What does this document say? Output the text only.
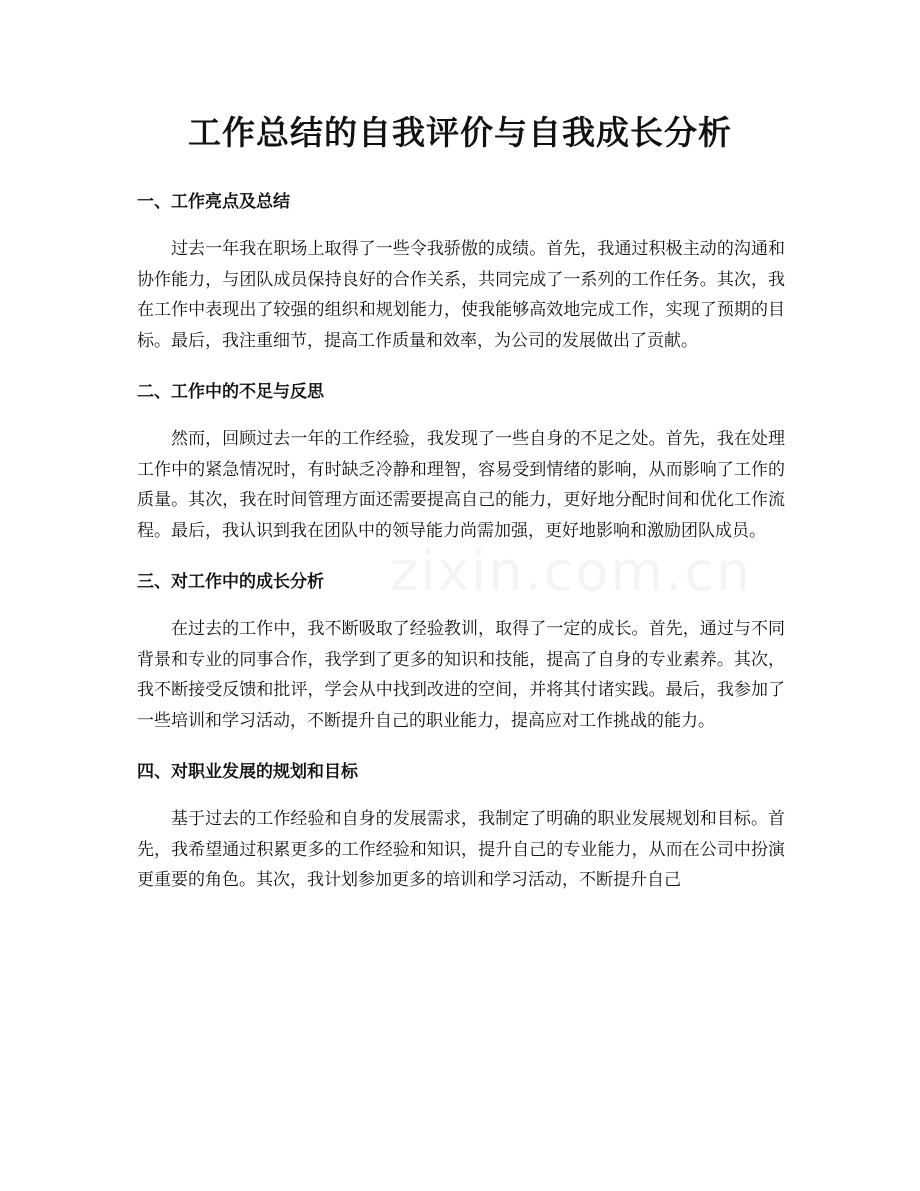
工作总结的自我评价与自我成长分析
一、工作亮点及总结

过去一年我在职场上取得了一些令我骄傲的成绩。首先，我通过积极主动的沟通和协作能力，与团队成员保持良好的合作关系，共同完成了一系列的工作任务。其次，我在工作中表现出了较强的组织和规划能力，使我能够高效地完成工作，实现了预期的目标。最后，我注重细节，提高工作质量和效率，为公司的发展做出了贡献。

二、工作中的不足与反思

然而，回顾过去一年的工作经验，我发现了一些自身的不足之处。首先，我在处理工作中的紧急情况时，有时缺乏冷静和理智，容易受到情绪的影响，从而影响了工作的质量。其次，我在时间管理方面还需要提高自己的能力，更好地分配时间和优化工作流程。最后，我认识到我在团队中的领导能力尚需加强，更好地影响和激励团队成员。

三、对工作中的成长分析

在过去的工作中，我不断吸取了经验教训，取得了一定的成长。首先，通过与不同背景和专业的同事合作，我学到了更多的知识和技能，提高了自身的专业素养。其次，我不断接受反馈和批评，学会从中找到改进的空间，并将其付诸实践。最后，我参加了一些培训和学习活动，不断提升自己的职业能力，提高应对工作挑战的能力。

四、对职业发展的规划和目标

基于过去的工作经验和自身的发展需求，我制定了明确的职业发展规划和目标。首先，我希望通过积累更多的工作经验和知识，提升自己的专业能力，从而在公司中扮演更重要的角色。其次，我计划参加更多的培训和学习活动，不断提升自己
